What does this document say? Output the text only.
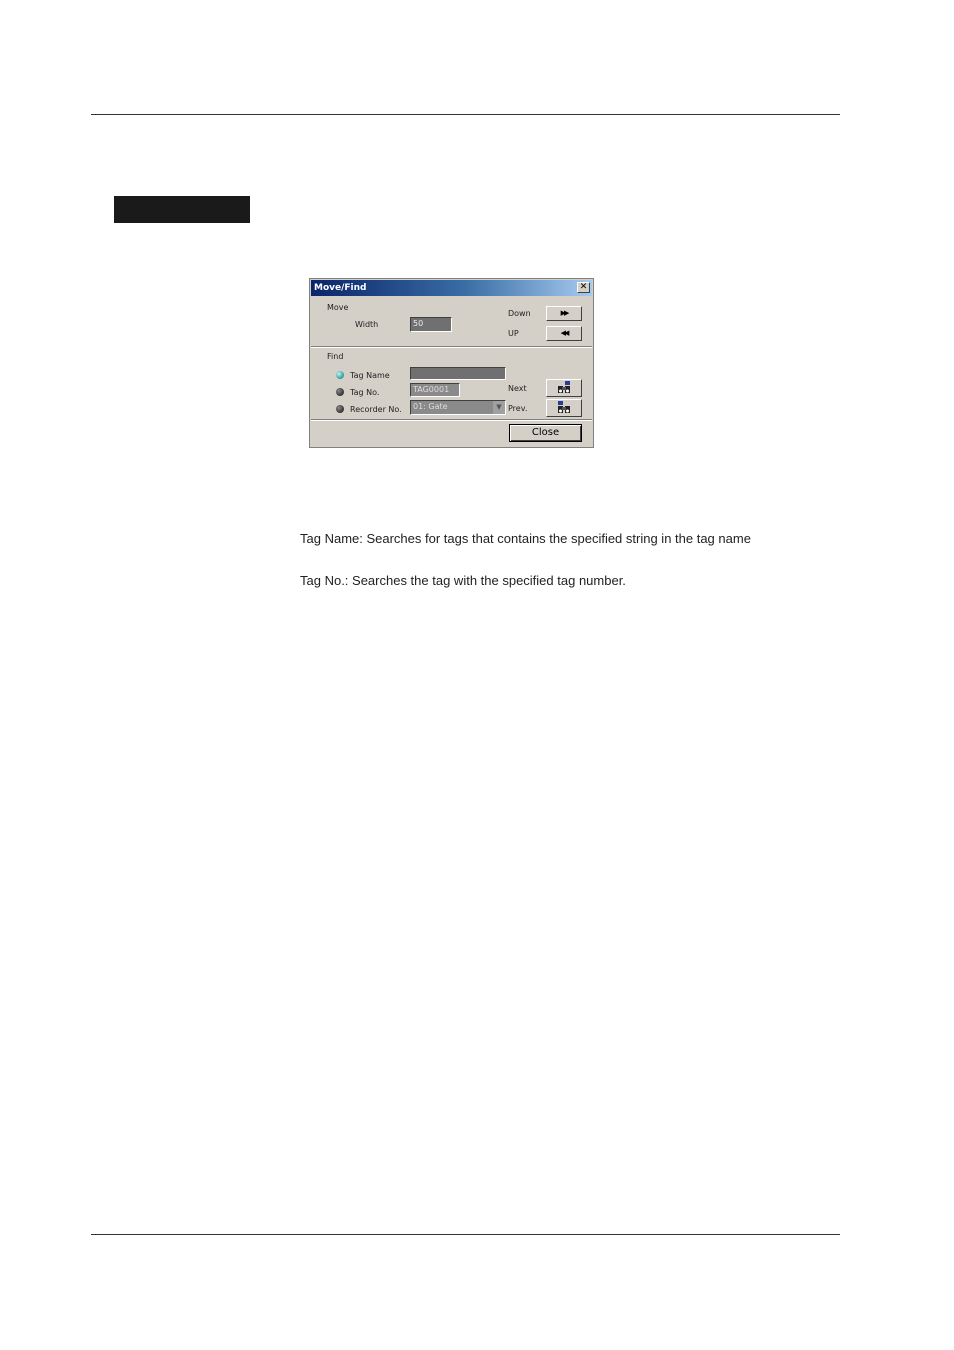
Move/Find	✕
Move
Width	50
Down	▶▶
UP	◀◀
Find
Tag Name
Tag No.	TAG0001
Recorder No.	01: Gate	▼
Next
Prev.
Close
Tag Name: Searches for tags that contains the specified string in the tag name
Tag No.: Searches the tag with the specified tag number.
